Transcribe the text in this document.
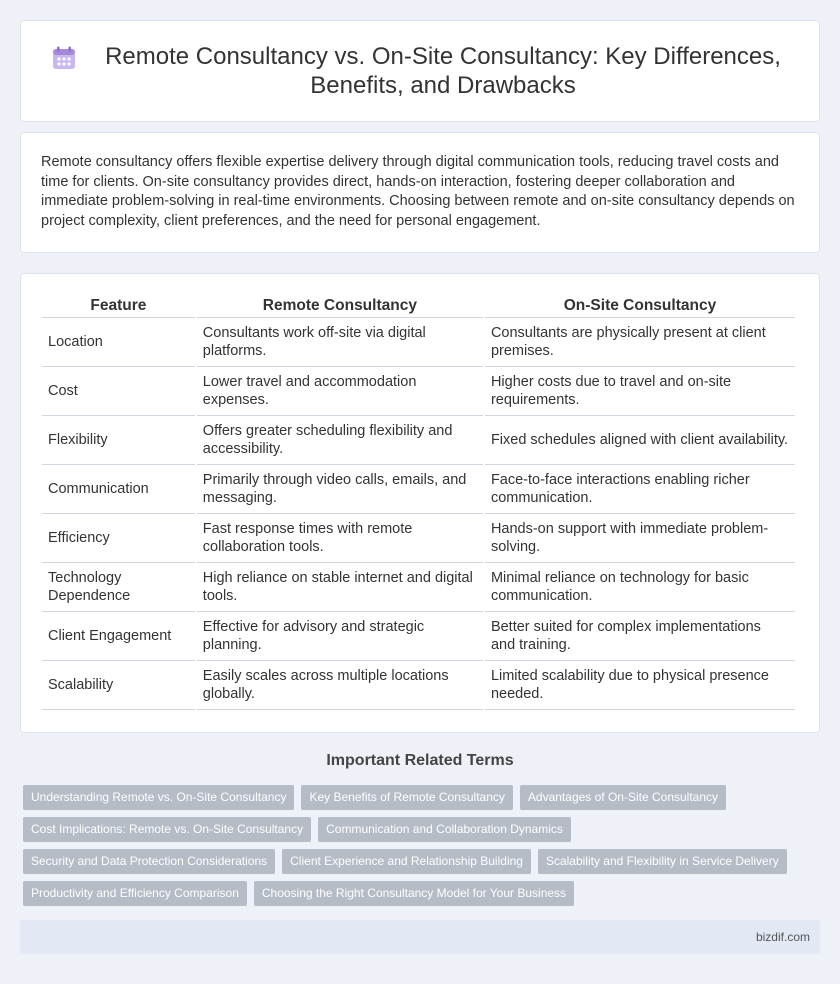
Remote Consultancy vs. On-Site Consultancy: Key Differences, Benefits, and Drawbacks

Remote consultancy offers flexible expertise delivery through digital communication tools, reducing travel costs and time for clients. On-site consultancy provides direct, hands-on interaction, fostering deeper collaboration and immediate problem-solving in real-time environments. Choosing between remote and on-site consultancy depends on project complexity, client preferences, and the need for personal engagement.

Feature	Remote Consultancy	On-Site Consultancy
Location	Consultants work off-site via digital platforms.	Consultants are physically present at client premises.
Cost	Lower travel and accommodation expenses.	Higher costs due to travel and on-site requirements.
Flexibility	Offers greater scheduling flexibility and accessibility.	Fixed schedules aligned with client availability.
Communication	Primarily through video calls, emails, and messaging.	Face-to-face interactions enabling richer communication.
Efficiency	Fast response times with remote collaboration tools.	Hands-on support with immediate problem-solving.
Technology Dependence	High reliance on stable internet and digital tools.	Minimal reliance on technology for basic communication.
Client Engagement	Effective for advisory and strategic planning.	Better suited for complex implementations and training.
Scalability	Easily scales across multiple locations globally.	Limited scalability due to physical presence needed.
Important Related Terms
Understanding Remote vs. On-Site Consultancy	Key Benefits of Remote Consultancy	Advantages of On-Site Consultancy
Cost Implications: Remote vs. On-Site Consultancy	Communication and Collaboration Dynamics
Security and Data Protection Considerations	Client Experience and Relationship Building	Scalability and Flexibility in Service Delivery
Productivity and Efficiency Comparison	Choosing the Right Consultancy Model for Your Business
bizdif.com
